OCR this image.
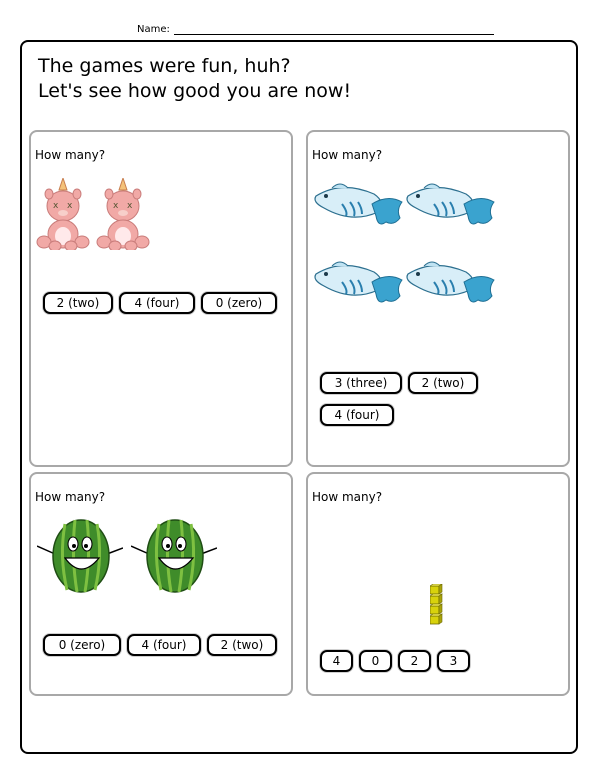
Name:
The games were fun, huh?
Let's see how good you are now!
How many?
2 (two)	4 (four)	0 (zero)
How many?
3 (three)	2 (two)
4 (four)
How many?
0 (zero)	4 (four)	2 (two)
How many?
4	0	2	3
